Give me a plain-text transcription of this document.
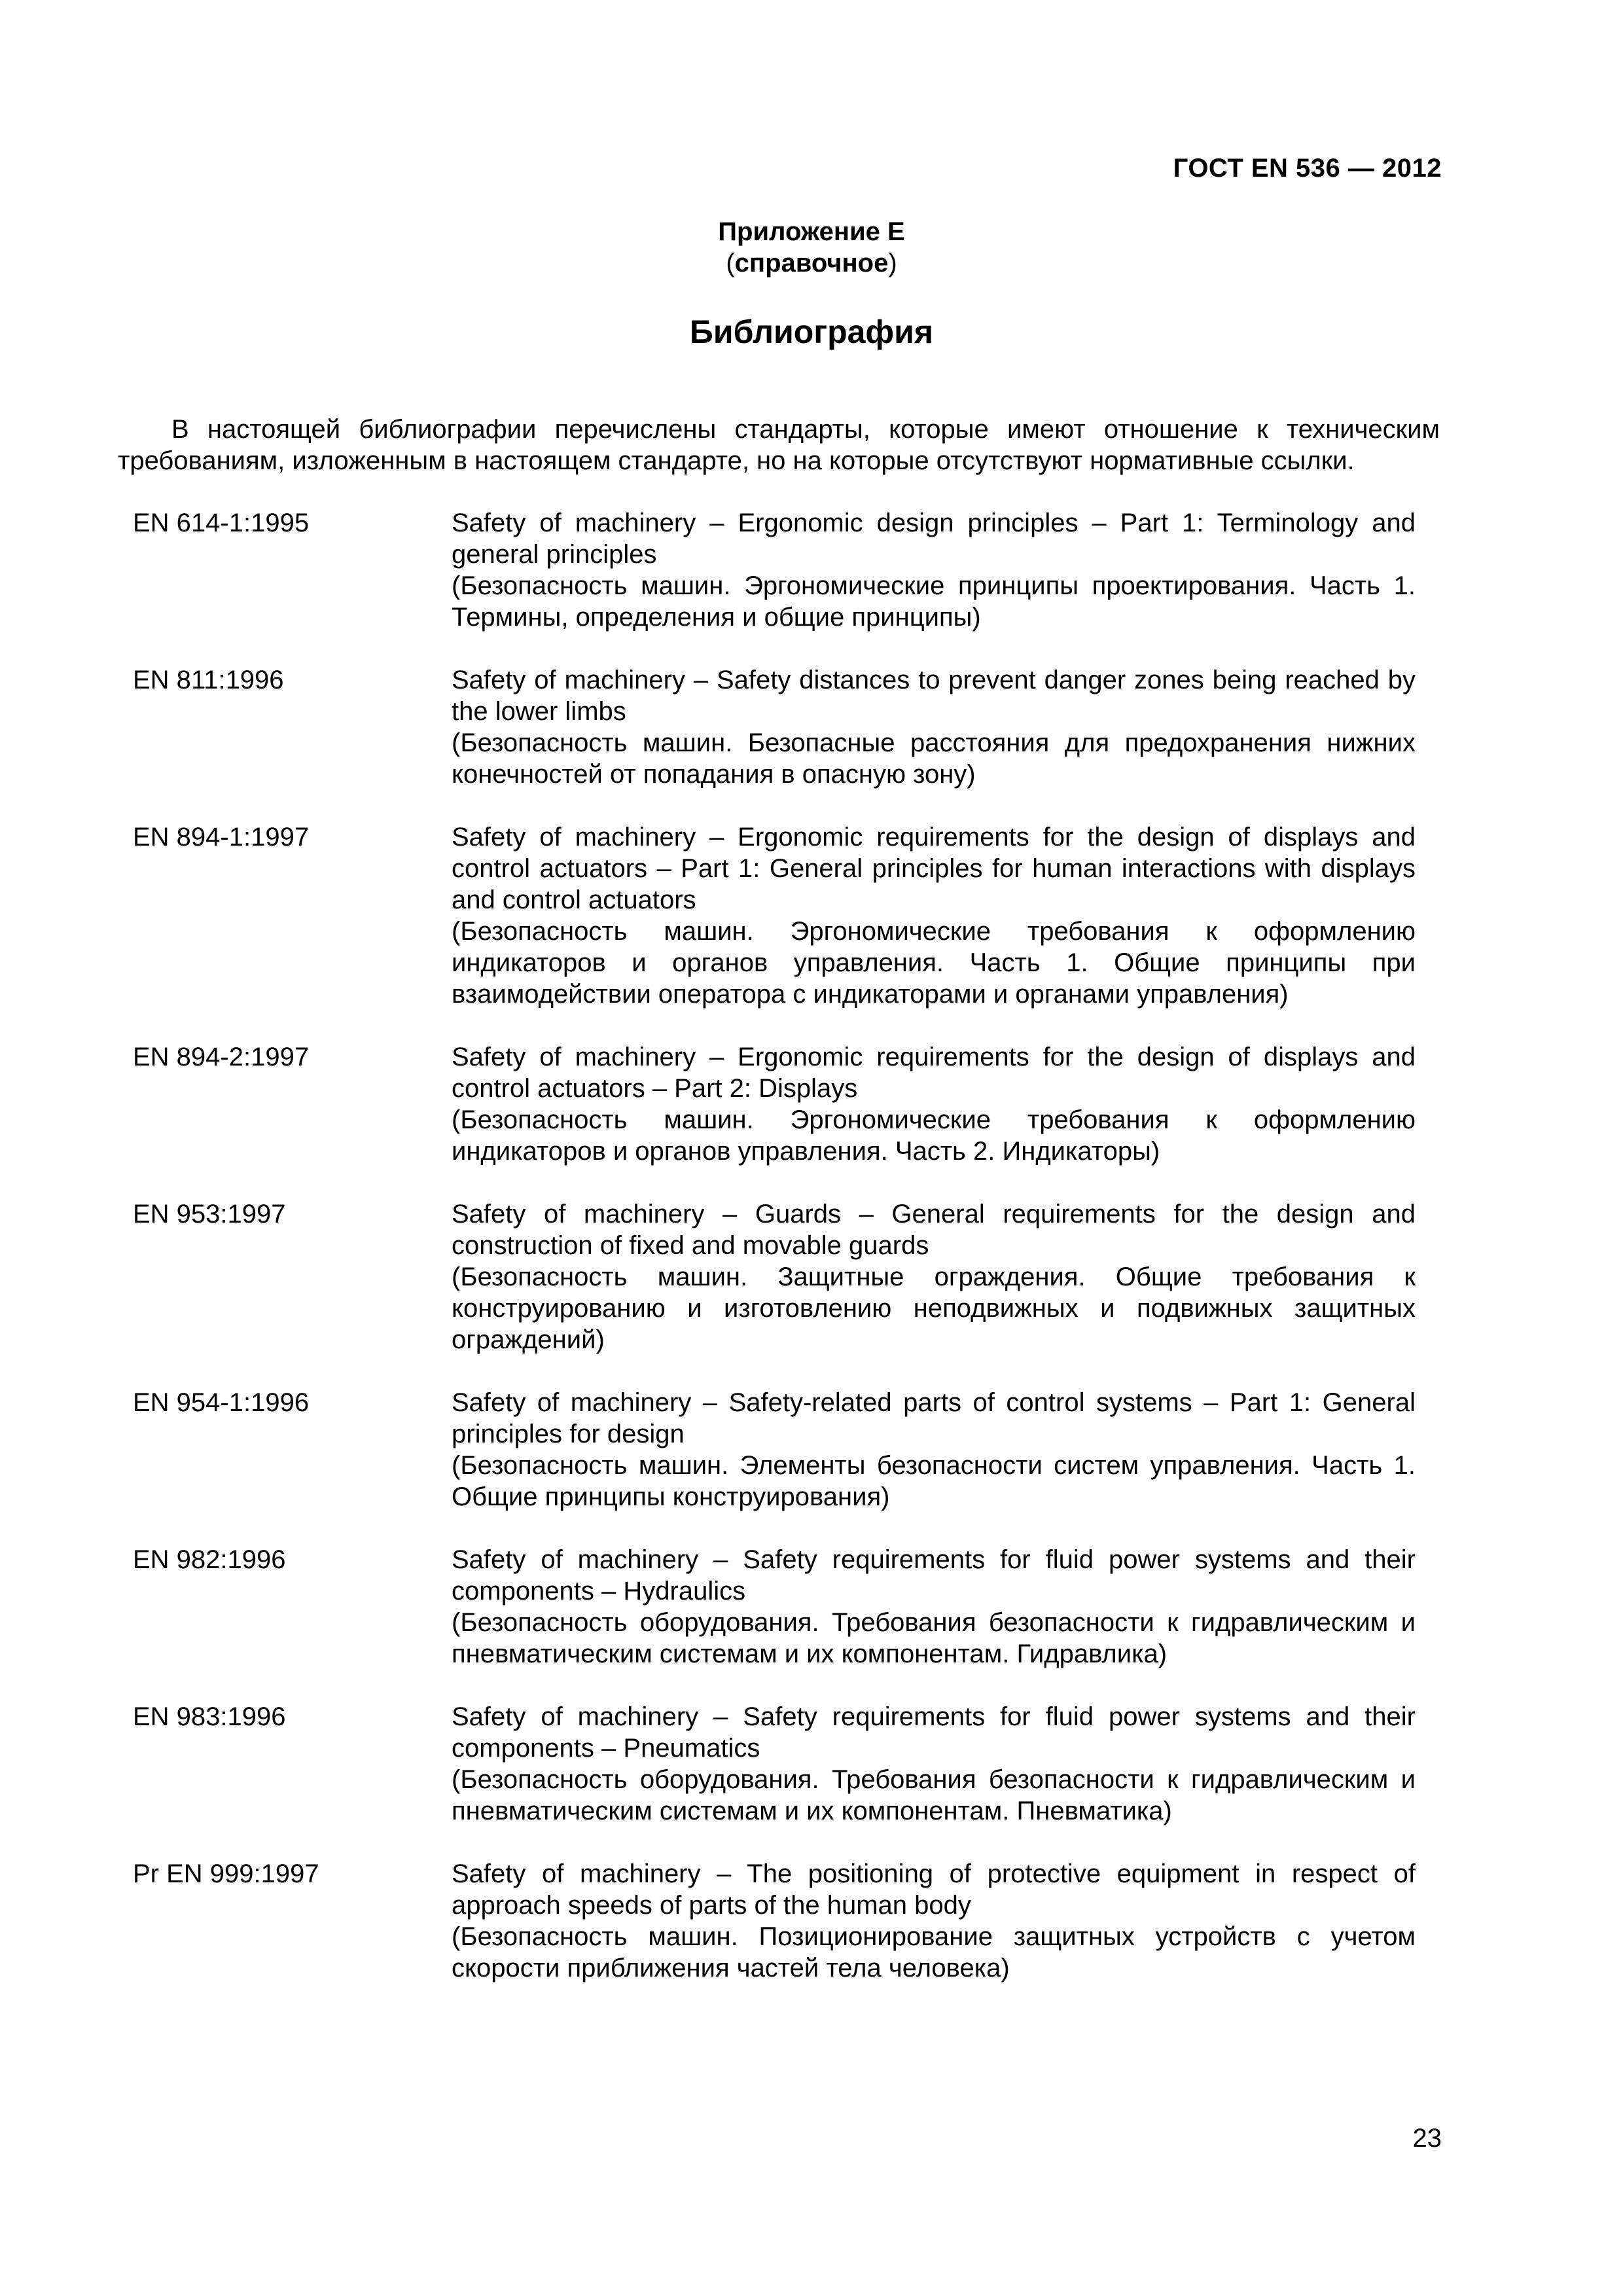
ГОСТ EN 536 — 2012
Приложение Е
(справочное)
Библиография
В настоящей библиографии перечислены стандарты, которые имеют отношение к техническим требованиям, изложенным в настоящем стандарте, но на которые отсутствуют нормативные ссылки.
EN 614-1:1995	Safety of machinery – Ergonomic design principles – Part 1: Terminology and general principles

(Безопасность машин. Эргономические принципы проектирования. Часть 1. Термины, определения и общие принципы)

EN 811:1996	Safety of machinery – Safety distances to prevent danger zones being reached by the lower limbs

(Безопасность машин. Безопасные расстояния для предохранения нижних конечностей от попадания в опасную зону)

EN 894-1:1997	Safety of machinery – Ergonomic requirements for the design of displays and control actuators – Part 1: General principles for human interactions with displays and control actuators

(Безопасность машин. Эргономические требования к оформлению индикаторов и органов управления. Часть 1. Общие принципы при взаимодействии оператора с индикаторами и органами управления)

EN 894-2:1997	Safety of machinery – Ergonomic requirements for the design of displays and control actuators – Part 2: Displays

(Безопасность машин. Эргономические требования к оформлению индикаторов и органов управления. Часть 2. Индикаторы)

EN 953:1997	Safety of machinery – Guards – General requirements for the design and construction of fixed and movable guards

(Безопасность машин. Защитные ограждения. Общие требования к конструированию и изготовлению неподвижных и подвижных защитных ограждений)

EN 954-1:1996	Safety of machinery – Safety-related parts of control systems – Part 1: General principles for design

(Безопасность машин. Элементы безопасности систем управления. Часть 1. Общие принципы конструирования)

EN 982:1996	Safety of machinery – Safety requirements for fluid power systems and their components – Hydraulics

(Безопасность оборудования. Требования безопасности к гидравлическим и пневматическим системам и их компонентам. Гидравлика)

EN 983:1996	Safety of machinery – Safety requirements for fluid power systems and their components – Pneumatics

(Безопасность оборудования. Требования безопасности к гидравлическим и пневматическим системам и их компонентам. Пневматика)

Pr EN 999:1997	Safety of machinery – The positioning of protective equipment in respect of approach speeds of parts of the human body

(Безопасность машин. Позиционирование защитных устройств с учетом скорости приближения частей тела человека)

23
